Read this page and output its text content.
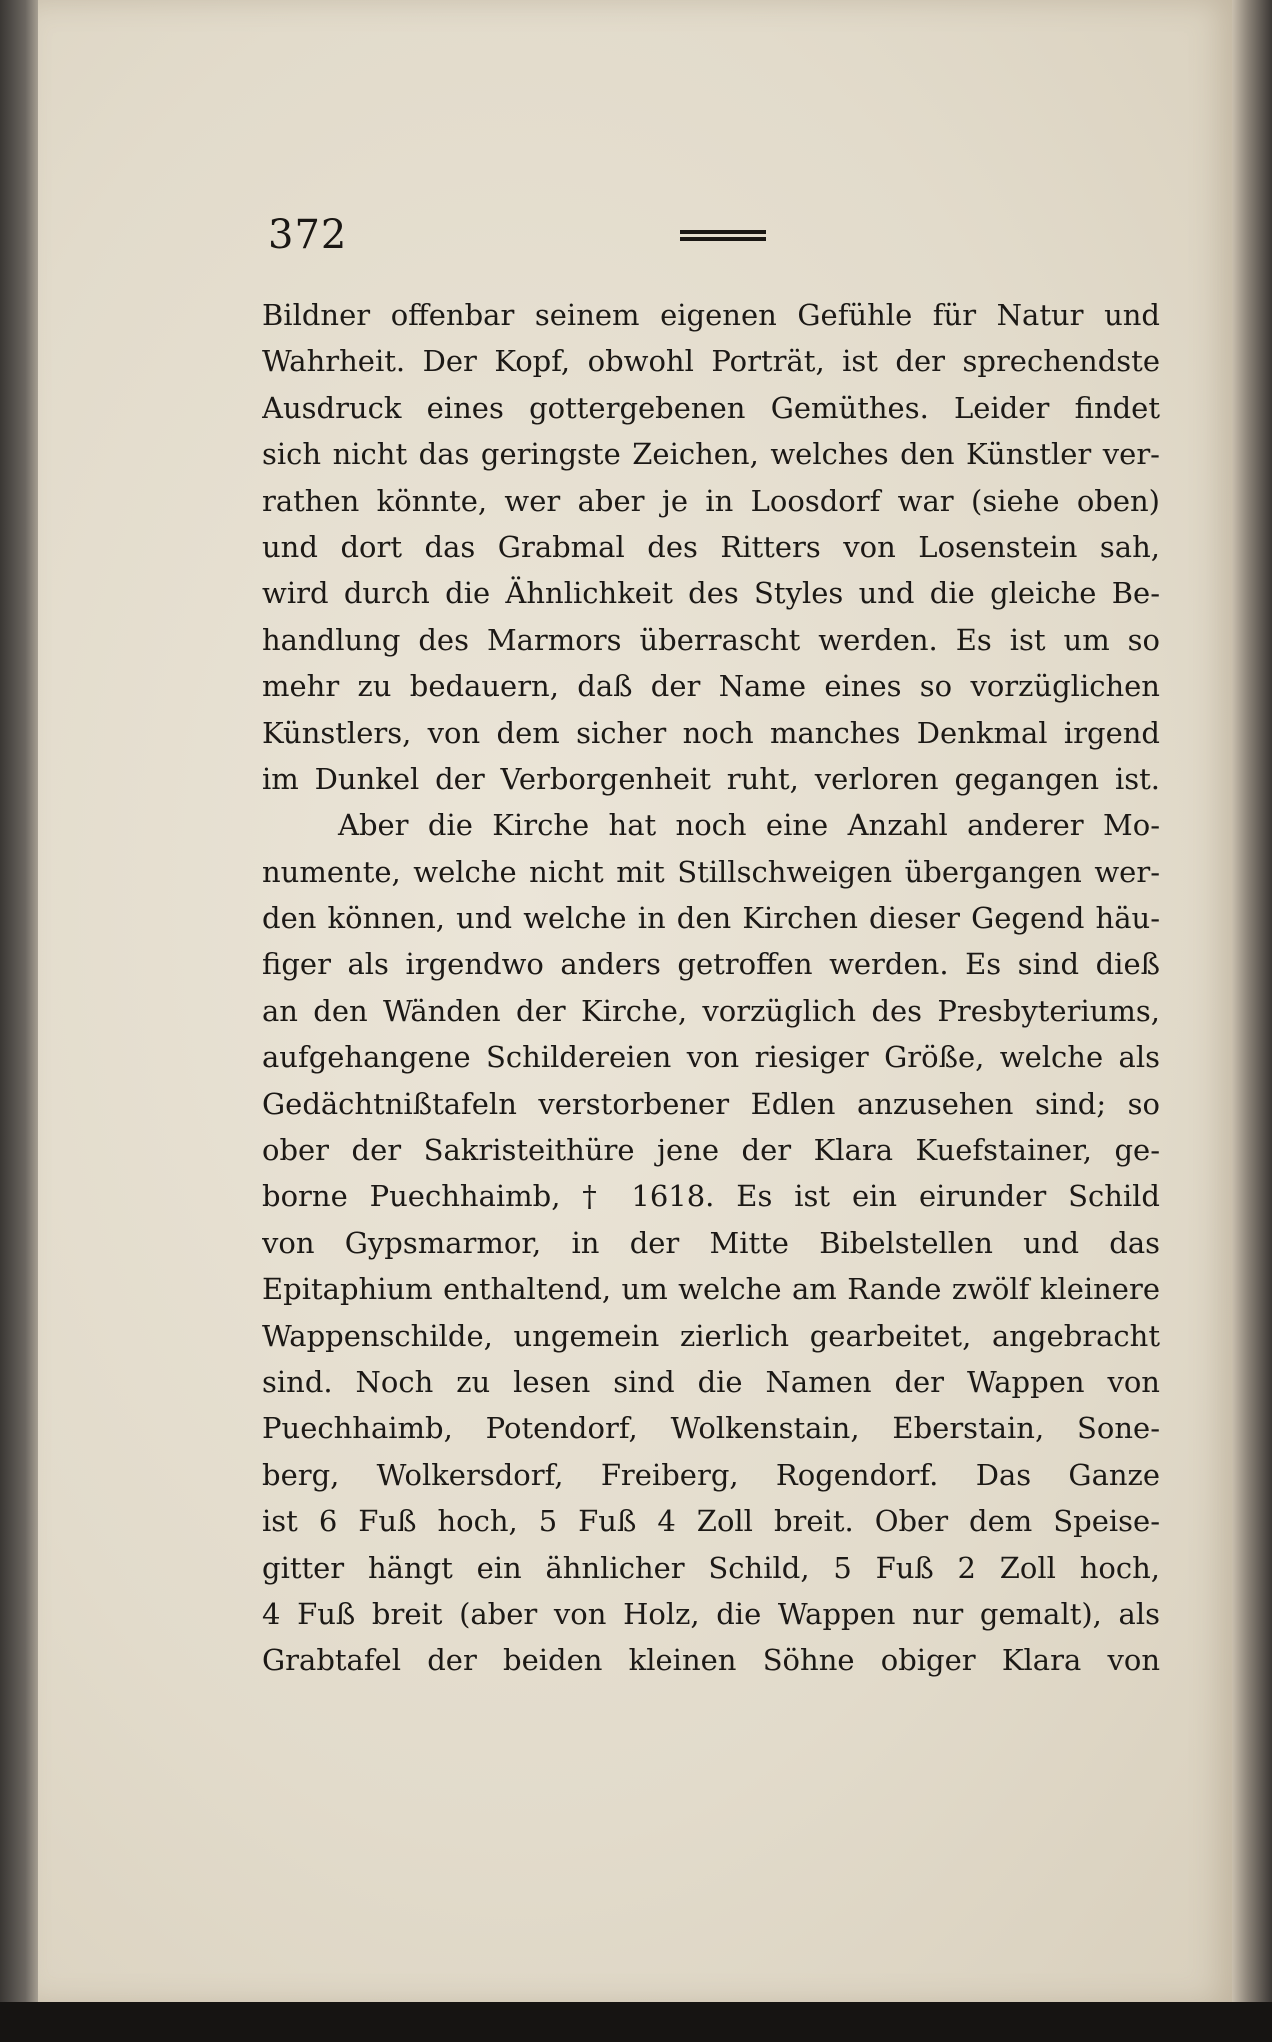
372
Bildner offenbar seinem eigenen Gefühle für Natur und
Wahrheit. Der Kopf, obwohl Porträt, ist der sprechendste
Ausdruck eines gottergebenen Gemüthes. Leider findet
sich nicht das geringste Zeichen, welches den Künstler ver-
rathen könnte, wer aber je in Loosdorf war (siehe oben)
und dort das Grabmal des Ritters von Losenstein sah,
wird durch die Ähnlichkeit des Styles und die gleiche Be-
handlung des Marmors überrascht werden. Es ist um so
mehr zu bedauern, daß der Name eines so vorzüglichen
Künstlers, von dem sicher noch manches Denkmal irgend
im Dunkel der Verborgenheit ruht, verloren gegangen ist.
Aber die Kirche hat noch eine Anzahl anderer Mo-
numente, welche nicht mit Stillschweigen übergangen wer-
den können, und welche in den Kirchen dieser Gegend häu-
figer als irgendwo anders getroffen werden. Es sind dieß
an den Wänden der Kirche, vorzüglich des Presbyteriums,
aufgehangene Schildereien von riesiger Größe, welche als
Gedächtnißtafeln verstorbener Edlen anzusehen sind; so
ober der Sakristeithüre jene der Klara Kuefstainer, ge-
borne Puechhaimb, † 1618. Es ist ein eirunder Schild
von Gypsmarmor, in der Mitte Bibelstellen und das
Epitaphium enthaltend, um welche am Rande zwölf kleinere
Wappenschilde, ungemein zierlich gearbeitet, angebracht
sind. Noch zu lesen sind die Namen der Wappen von
Puechhaimb, Potendorf, Wolkenstain, Eberstain, Sone-
berg, Wolkersdorf, Freiberg, Rogendorf. Das Ganze
ist 6 Fuß hoch, 5 Fuß 4 Zoll breit. Ober dem Speise-
gitter hängt ein ähnlicher Schild, 5 Fuß 2 Zoll hoch,
4 Fuß breit (aber von Holz, die Wappen nur gemalt), als
Grabtafel der beiden kleinen Söhne obiger Klara von
